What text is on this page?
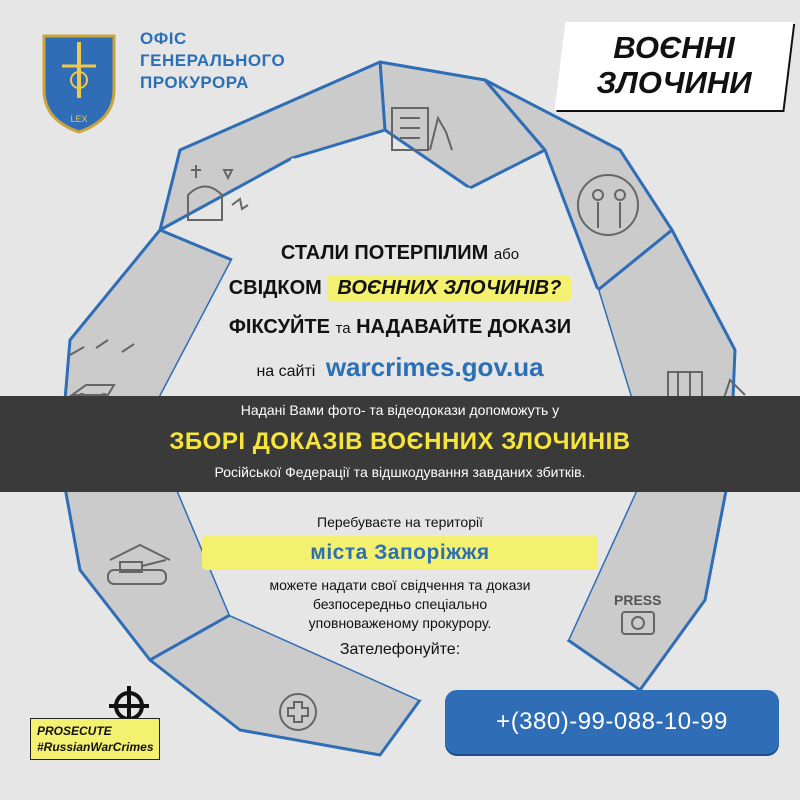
LEX
ОФІС
ГЕНЕРАЛЬНОГО
ПРОКУРОРА
ВОЄННІ
ЗЛОЧИНИ
СТАЛИ ПОТЕРПІЛИМ або
СВІДКОМ ВОЄННИХ ЗЛОЧИНІВ?
ФІКСУЙТЕ та НАДАВАЙТЕ ДОКАЗИ
на сайті warcrimes.gov.ua
Надані Вами фото- та відеодокази допоможуть у
ЗБОРІ ДОКАЗІВ ВОЄННИХ ЗЛОЧИНІВ
Російської Федерації та відшкодування завданих збитків.
Перебуваєте на території
міста Запоріжжя
можете надати свої свідчення та докази
безпосередньо спеціально
уповноваженому прокурору.
Зателефонуйте:
+(380)-99-088-10-99
PROSECUTE
#RussianWarCrimes
PRESS
